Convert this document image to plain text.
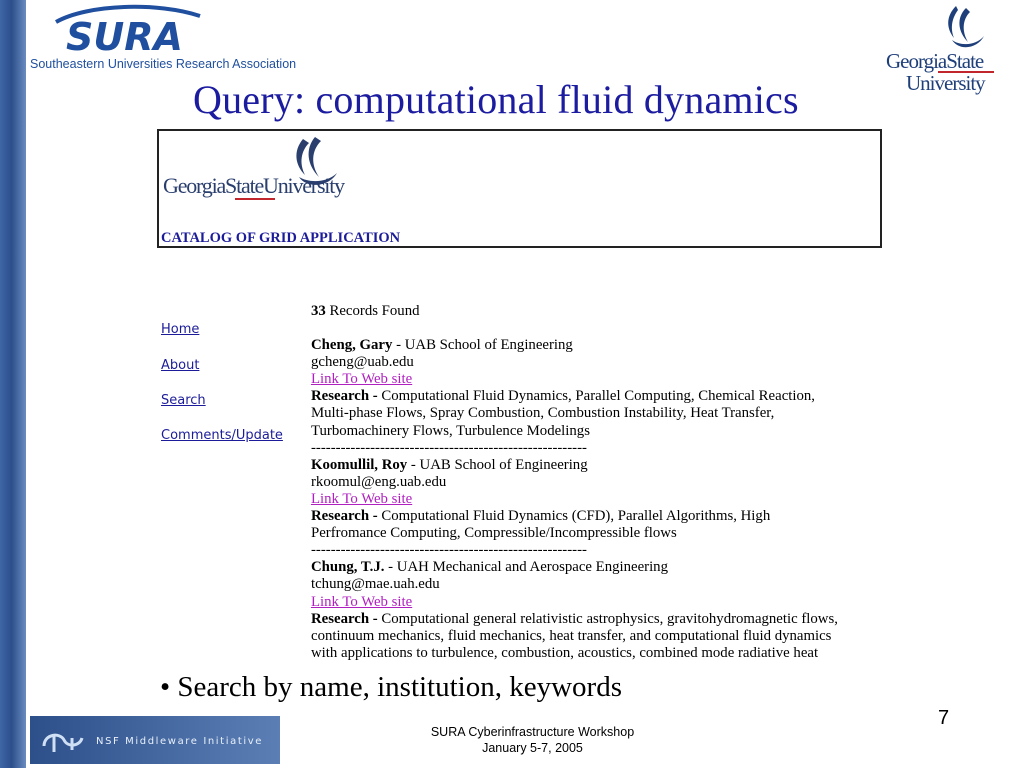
SURA
Southeastern Universities Research Association	GeorgiaState
University
Query: computational fluid dynamics
GeorgiaStateUniversity
CATALOG OF GRID APPLICATION
Home
About
Search
Comments/Update
33 Records Found
Cheng, Gary - UAB School of Engineering
gcheng@uab.edu
Link To Web site
Research - Computational Fluid Dynamics, Parallel Computing, Chemical Reaction,
Multi-phase Flows, Spray Combustion, Combustion Instability, Heat Transfer,
Turbomachinery Flows, Turbulence Modelings
--------------------------------------------------------
Koomullil, Roy - UAB School of Engineering
rkoomul@eng.uab.edu
Link To Web site
Research - Computational Fluid Dynamics (CFD), Parallel Algorithms, High
Perfromance Computing, Compressible/Incompressible flows
--------------------------------------------------------
Chung, T.J. - UAH Mechanical and Aerospace Engineering
tchung@mae.uah.edu
Link To Web site
Research - Computational general relativistic astrophysics, gravitohydromagnetic flows,
continuum mechanics, fluid mechanics, heat transfer, and computational fluid dynamics
with applications to turbulence, combustion, acoustics, combined mode radiative heat
• Search by name, institution, keywords
NSF Middleware Initiative
SURA Cyberinfrastructure Workshop
January 5-7, 2005
7
